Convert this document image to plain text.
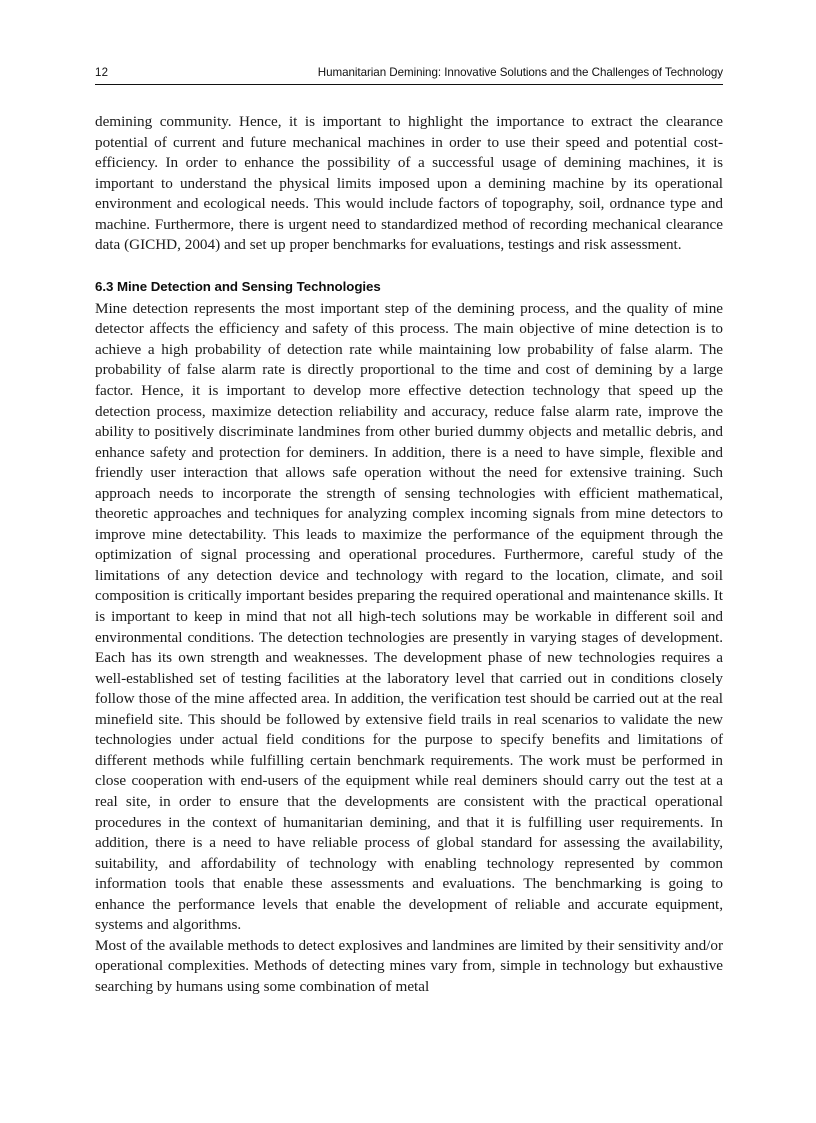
12	Humanitarian Demining: Innovative Solutions and the Challenges of Technology

demining community. Hence, it is important to highlight the importance to extract the clearance potential of current and future mechanical machines in order to use their speed and potential cost-efficiency. In order to enhance the possibility of a successful usage of demining machines, it is important to understand the physical limits imposed upon a demining machine by its operational environment and ecological needs. This would include factors of topography, soil, ordnance type and machine. Furthermore, there is urgent need to standardized method of recording mechanical clearance data (GICHD, 2004) and set up proper benchmarks for evaluations, testings and risk assessment.

6.3 Mine Detection and Sensing Technologies

Mine detection represents the most important step of the demining process, and the quality of mine detector affects the efficiency and safety of this process. The main objective of mine detection is to achieve a high probability of detection rate while maintaining low probability of false alarm. The probability of false alarm rate is directly proportional to the time and cost of demining by a large factor. Hence, it is important to develop more effective detection technology that speed up the detection process, maximize detection reliability and accuracy, reduce false alarm rate, improve the ability to positively discriminate landmines from other buried dummy objects and metallic debris, and enhance safety and protection for deminers. In addition, there is a need to have simple, flexible and friendly user interaction that allows safe operation without the need for extensive training. Such approach needs to incorporate the strength of sensing technologies with efficient mathematical, theoretic approaches and techniques for analyzing complex incoming signals from mine detectors to improve mine detectability. This leads to maximize the performance of the equipment through the optimization of signal processing and operational procedures. Furthermore, careful study of the limitations of any detection device and technology with regard to the location, climate, and soil composition is critically important besides preparing the required operational and maintenance skills. It is important to keep in mind that not all high-tech solutions may be workable in different soil and environmental conditions. The detection technologies are presently in varying stages of development. Each has its own strength and weaknesses. The development phase of new technologies requires a well-established set of testing facilities at the laboratory level that carried out in conditions closely follow those of the mine affected area. In addition, the verification test should be carried out at the real minefield site. This should be followed by extensive field trails in real scenarios to validate the new technologies under actual field conditions for the purpose to specify benefits and limitations of different methods while fulfilling certain benchmark requirements. The work must be performed in close cooperation with end-users of the equipment while real deminers should carry out the test at a real site, in order to ensure that the developments are consistent with the practical operational procedures in the context of humanitarian demining, and that it is fulfilling user requirements. In addition, there is a need to have reliable process of global standard for assessing the availability, suitability, and affordability of technology with enabling technology represented by common information tools that enable these assessments and evaluations. The benchmarking is going to enhance the performance levels that enable the development of reliable and accurate equipment, systems and algorithms.

Most of the available methods to detect explosives and landmines are limited by their sensitivity and/or operational complexities. Methods of detecting mines vary from, simple in technology but exhaustive searching by humans using some combination of metal
